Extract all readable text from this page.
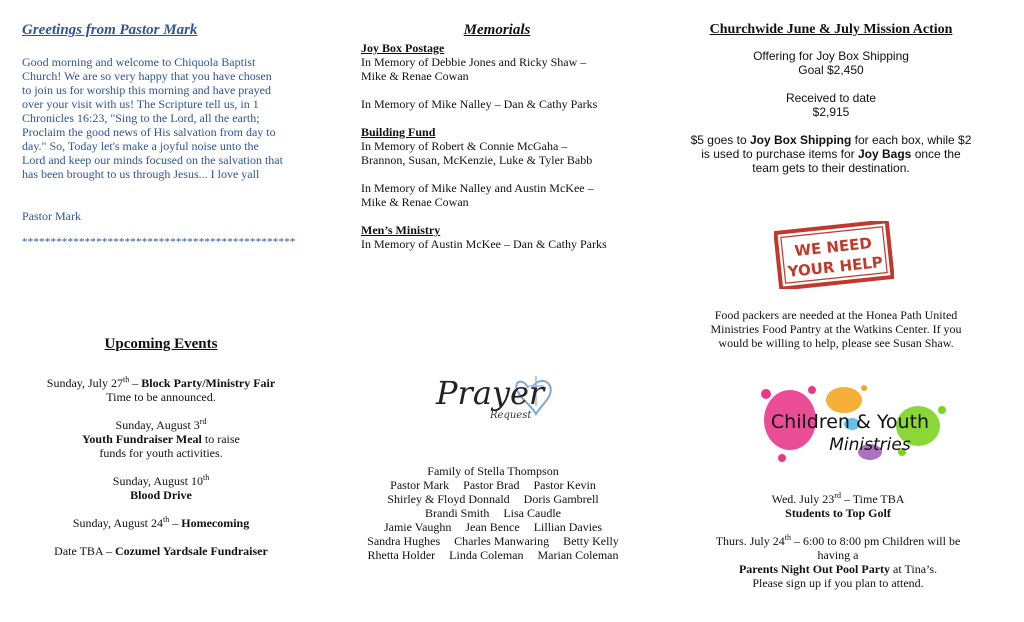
Greetings from Pastor Mark

Good morning and welcome to Chiquola Baptist Church! We are so very happy that you have chosen to join us for worship this morning and have prayed over your visit with us! The Scripture tell us, in 1 Chronicles 16:23, "Sing to the Lord, all the earth; Proclaim the good news of His salvation from day to day." So, Today let's make a joyful noise unto the Lord and keep our minds focused on the salvation that has been brought to us through Jesus... I love yall

Pastor Mark
************************************************
Upcoming Events
Sunday, July 27th – Block Party/Ministry Fair
Time to be announced.
Sunday, August 3rd
Youth Fundraiser Meal to raise
funds for youth activities.
Sunday, August 10th
Blood Drive
Sunday, August 24th – Homecoming
Date TBA – Cozumel Yardsale Fundraiser
Memorials
Joy Box Postage
In Memory of Debbie Jones and Ricky Shaw –
Mike & Renae Cowan
In Memory of Mike Nalley – Dan & Cathy Parks
Building Fund
In Memory of Robert & Connie McGaha –
Brannon, Susan, McKenzie, Luke & Tyler Babb
In Memory of Mike Nalley and Austin McKee –
Mike & Renae Cowan
Men’s Ministry
In Memory of Austin McKee – Dan & Cathy Parks
Prayer
Request
Family of Stella Thompson
Pastor Mark Pastor Brad Pastor Kevin
Shirley & Floyd Donnald Doris Gambrell
Brandi Smith Lisa Caudle
Jamie Vaughn Jean Bence Lillian Davies
Sandra Hughes Charles Manwaring Betty Kelly
Rhetta Holder Linda Coleman Marian Coleman
Churchwide June & July Mission Action
Offering for Joy Box Shipping
Goal $2,450
Received to date
$2,915
$5 goes to Joy Box Shipping for each box, while $2 is used to purchase items for Joy Bags once the team gets to their destination.
WE NEED
YOUR HELP

Food packers are needed at the Honea Path United Ministries Food Pantry at the Watkins Center. If you would be willing to help, please see Susan Shaw.

Children & Youth
Ministries
Wed. July 23rd – Time TBA
Students to Top Golf
Thurs. July 24th – 6:00 to 8:00 pm Children will be having a
Parents Night Out Pool Party at Tina’s.
Please sign up if you plan to attend.
